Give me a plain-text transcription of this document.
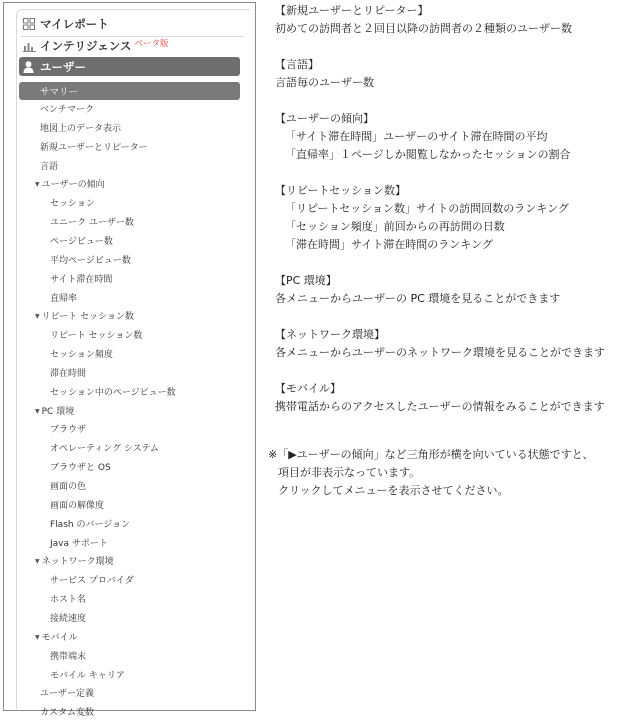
マイレポート
インテリジェンス ベータ版
ユーザー
サマリー
ベンチマーク
地図上のデータ表示
新規ユーザーとリピーター
言語
▼ ユーザーの傾向
セッション
ユニーク ユーザー数
ページビュー数
平均ページビュー数
サイト滞在時間
直帰率
▼ リピート セッション数
リピート セッション数
セッション頻度
滞在時間
セッション中のページビュー数
▼ PC 環境
ブラウザ
オペレーティング システム
ブラウザと OS
画面の色
画面の解像度
Flash のバージョン
Java サポート
▼ ネットワーク環境
サービス プロバイダ
ホスト名
接続速度
▼ モバイル
携帯端末
モバイル キャリア
ユーザー定義
カスタム変数
【新規ユーザーとリピーター】
初めての訪問者と２回目以降の訪問者の２種類のユーザー数
【言語】
言語毎のユーザー数
【ユーザーの傾向】
「サイト滞在時間」ユーザーのサイト滞在時間の平均
「直帰率」１ページしか閲覧しなかったセッションの割合
【リピートセッション数】
「リピートセッション数」サイトの訪問回数のランキング
「セッション頻度」前回からの再訪問の日数
「滞在時間」サイト滞在時間のランキング
【PC 環境】
各メニューからユーザーの PC 環境を見ることができます
【ネットワーク環境】
各メニューからユーザーのネットワーク環境を見ることができます
【モバイル】
携帯電話からのアクセスしたユーザーの情報をみることができます
※「▶ユーザーの傾向」など三角形が横を向いている状態ですと、
項目が非表示なっています。
クリックしてメニューを表示させてください。
